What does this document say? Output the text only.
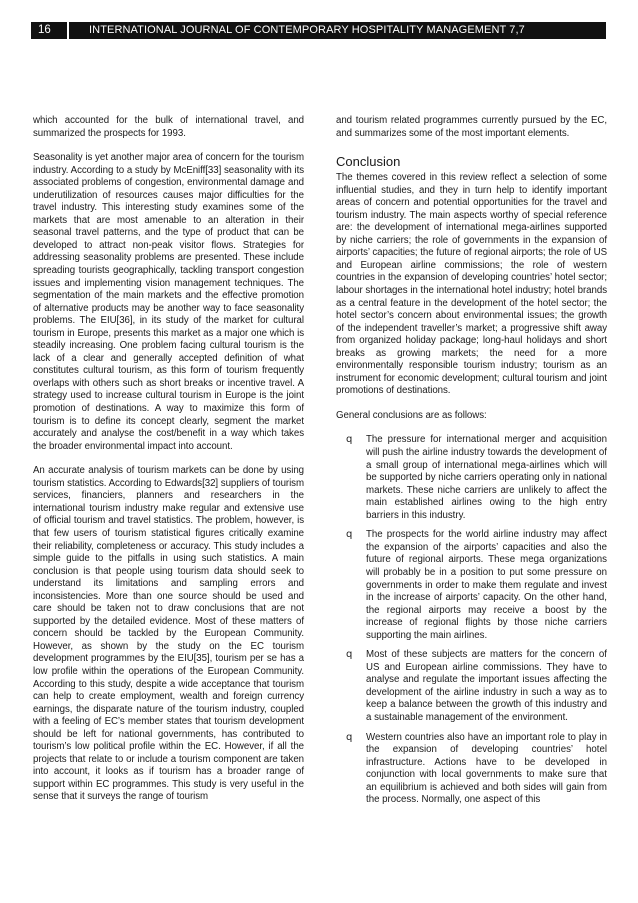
16	INTERNATIONAL JOURNAL OF CONTEMPORARY HOSPITALITY MANAGEMENT 7,7

which accounted for the bulk of international travel, and summarized the prospects for 1993.

Seasonality is yet another major area of concern for the tourism industry. According to a study by McEniff[33] seasonality with its associated problems of congestion, environmental damage and underutilization of resources causes major difficulties for the travel industry. This interesting study examines some of the markets that are most amenable to an alteration in their seasonal travel patterns, and the type of product that can be developed to attract non-peak visitor flows. Strategies for addressing seasonality problems are presented. These include spreading tourists geographically, tackling transport congestion issues and implementing vision management techniques. The segmentation of the main markets and the effective promotion of alternative products may be another way to face seasonality problems. The EIU[36], in its study of the market for cultural tourism in Europe, presents this market as a major one which is steadily increasing. One problem facing cultural tourism is the lack of a clear and generally accepted definition of what constitutes cultural tourism, as this form of tourism frequently overlaps with others such as short breaks or incentive travel. A strategy used to increase cultural tourism in Europe is the joint promotion of destinations. A way to maximize this form of tourism is to define its concept clearly, segment the market accurately and analyse the cost/benefit in a way which takes the broader environmental impact into account.

An accurate analysis of tourism markets can be done by using tourism statistics. According to Edwards[32] suppliers of tourism services, financiers, planners and researchers in the international tourism industry make regular and extensive use of official tourism and travel statistics. The problem, however, is that few users of tourism statistical figures critically examine their reliability, completeness or accuracy. This study includes a simple guide to the pitfalls in using such statistics. A main conclusion is that people using tourism data should seek to understand its limitations and sampling errors and inconsistencies. More than one source should be used and care should be taken not to draw conclusions that are not supported by the detailed evidence. Most of these matters of concern should be tackled by the European Community. However, as shown by the study on the EC tourism development programmes by the EIU[35], tourism per se has a low profile within the operations of the European Community. According to this study, despite a wide acceptance that tourism can help to create employment, wealth and foreign currency earnings, the disparate nature of the tourism industry, coupled with a feeling of EC’s member states that tourism development should be left for national governments, has contributed to tourism’s low political profile within the EC. However, if all the projects that relate to or include a tourism component are taken into account, it looks as if tourism has a broader range of support within EC programmes. This study is very useful in the sense that it surveys the range of tourism

and tourism related programmes currently pursued by the EC, and summarizes some of the most important elements.

Conclusion

The themes covered in this review reflect a selection of some influential studies, and they in turn help to identify important areas of concern and potential opportunities for the travel and tourism industry. The main aspects worthy of special reference are: the development of international mega-airlines supported by niche carriers; the role of governments in the expansion of airports’ capacities; the future of regional airports; the role of US and European airline commissions; the role of western countries in the expansion of developing countries’ hotel sector; labour shortages in the international hotel industry; hotel brands as a central feature in the development of the hotel sector; the hotel sector’s concern about environmental issues; the growth of the independent traveller’s market; a progressive shift away from organized holiday package; long-haul holidays and short breaks as growing markets; the need for a more environmentally responsible tourism industry; tourism as an instrument for economic development; cultural tourism and joint promotions of destinations.

General conclusions are as follows:

q The pressure for international merger and acquisition will push the airline industry towards the development of a small group of international mega-airlines which will be supported by niche carriers operating only in national markets. These niche carriers are unlikely to affect the main established airlines owing to the high entry barriers in this industry.
q The prospects for the world airline industry may affect the expansion of the airports’ capacities and also the future of regional airports. These mega organizations will probably be in a position to put some pressure on governments in order to make them regulate and invest in the increase of airports’ capacity. On the other hand, the regional airports may receive a boost by the increase of regional flights by those niche carriers supporting the main airlines.
q Most of these subjects are matters for the concern of US and European airline commissions. They have to analyse and regulate the important issues affecting the development of the airline industry in such a way as to keep a balance between the growth of this industry and a sustainable management of the environment.
q Western countries also have an important role to play in the expansion of developing countries’ hotel infrastructure. Actions have to be developed in conjunction with local governments to make sure that an equilibrium is achieved and both sides will gain from the process. Normally, one aspect of this
